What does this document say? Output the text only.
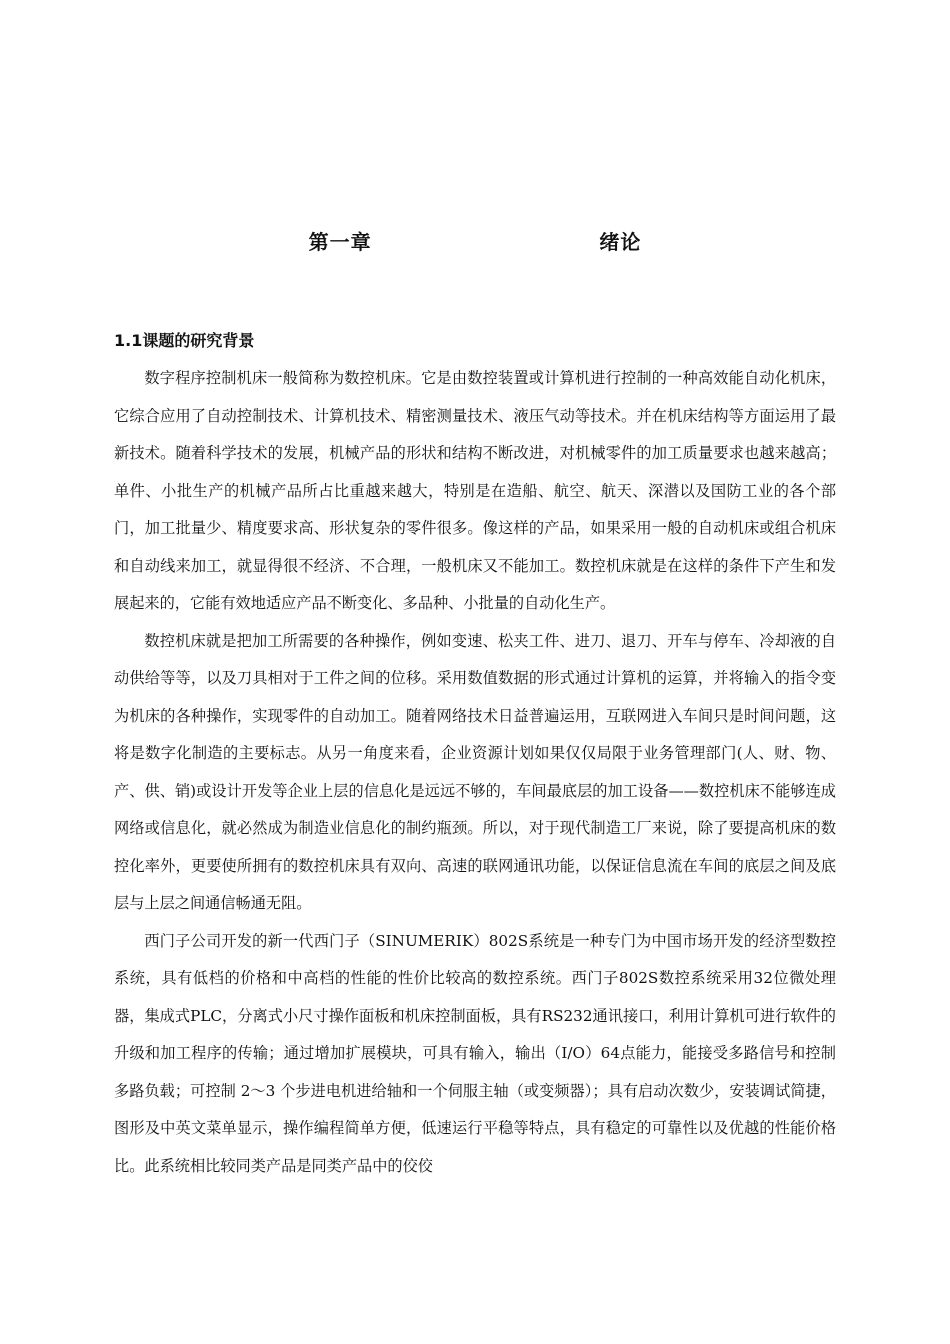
第一章      绪论
1.1课题的研究背景

数字程序控制机床一般简称为数控机床。它是由数控装置或计算机进行控制的一种高效能自动化机床，它综合应用了自动控制技术、计算机技术、精密测量技术、液压气动等技术。并在机床结构等方面运用了最新技术。随着科学技术的发展，机械产品的形状和结构不断改进，对机械零件的加工质量要求也越来越高；单件、小批生产的机械产品所占比重越来越大，特别是在造船、航空、航天、深潜以及国防工业的各个部门，加工批量少、精度要求高、形状复杂的零件很多。像这样的产品，如果采用一般的自动机床或组合机床和自动线来加工，就显得很不经济、不合理，一般机床又不能加工。数控机床就是在这样的条件下产生和发展起来的，它能有效地适应产品不断变化、多品种、小批量的自动化生产。

数控机床就是把加工所需要的各种操作，例如变速、松夹工件、进刀、退刀、开车与停车、冷却液的自动供给等等，以及刀具相对于工件之间的位移。采用数值数据的形式通过计算机的运算，并将输入的指令变为机床的各种操作，实现零件的自动加工。随着网络技术日益普遍运用，互联网进入车间只是时间问题，这将是数字化制造的主要标志。从另一角度来看，企业资源计划如果仅仅局限于业务管理部门(人、财、物、产、供、销)或设计开发等企业上层的信息化是远远不够的，车间最底层的加工设备——数控机床不能够连成网络或信息化，就必然成为制造业信息化的制约瓶颈。所以，对于现代制造工厂来说，除了要提高机床的数控化率外，更要使所拥有的数控机床具有双向、高速的联网通讯功能，以保证信息流在车间的底层之间及底层与上层之间通信畅通无阻。

西门子公司开发的新一代西门子（SINUMERIK）802S系统是一种专门为中国市场开发的经济型数控系统，具有低档的价格和中高档的性能的性价比较高的数控系统。西门子802S数控系统采用32位微处理器，集成式PLC，分离式小尺寸操作面板和机床控制面板，具有RS232通讯接口，利用计算机可进行软件的升级和加工程序的传输；通过增加扩展模块，可具有输入，输出（I/O）64点能力，能接受多路信号和控制多路负载；可控制 2～3 个步进电机进给轴和一个伺服主轴（或变频器）；具有启动次数少，安装调试简捷，图形及中英文菜单显示，操作编程简单方便，低速运行平稳等特点，具有稳定的可靠性以及优越的性能价格比。此系统相比较同类产品是同类产品中的佼佼
